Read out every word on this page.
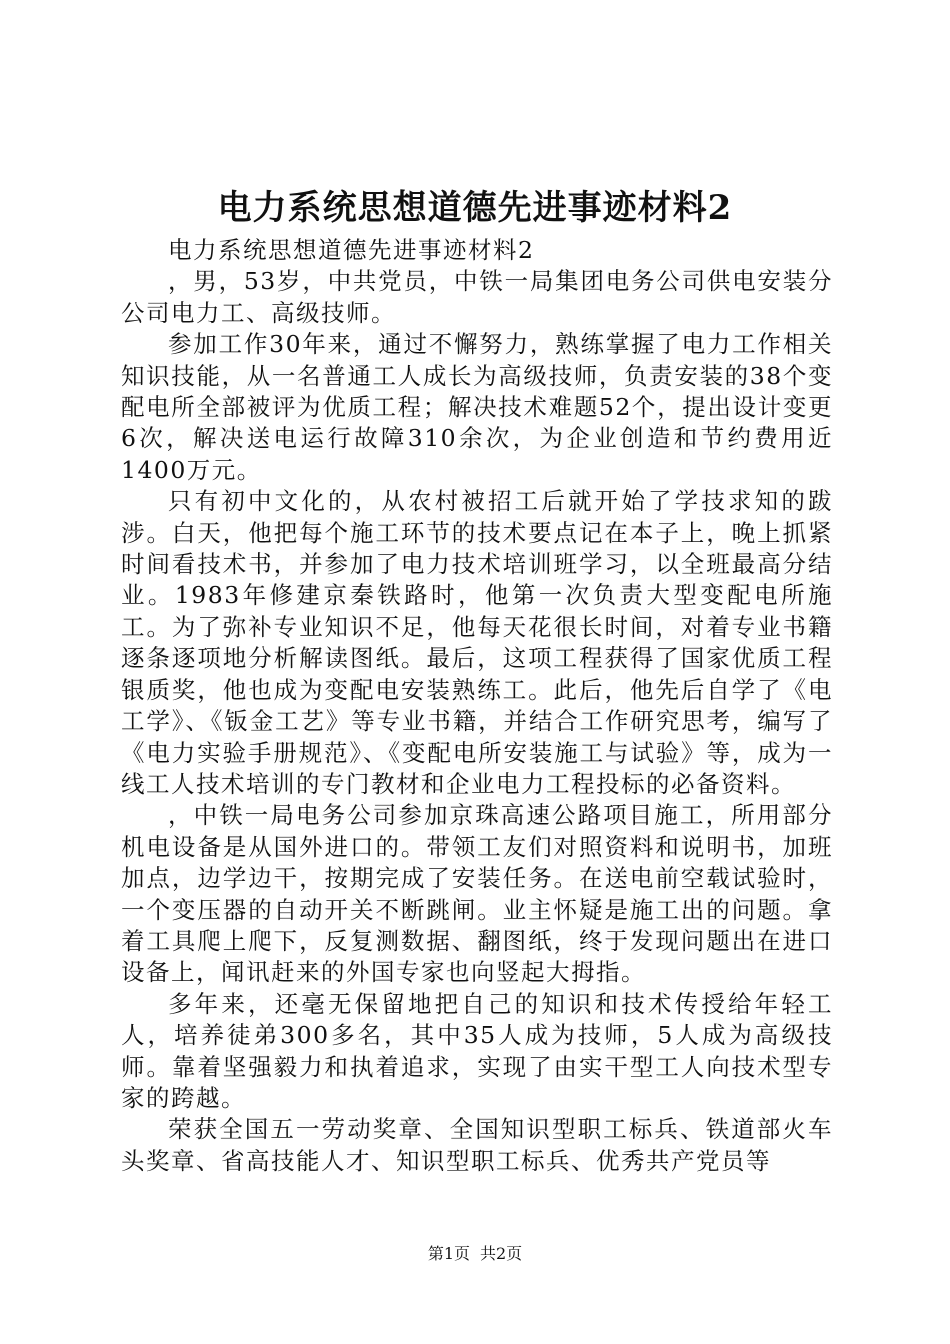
电力系统思想道德先进事迹材料2

电力系统思想道德先进事迹材料2

，男，53岁，中共党员，中铁一局集团电务公司供电安装分公司电力工、高级技师。

参加工作30年来，通过不懈努力，熟练掌握了电力工作相关知识技能，从一名普通工人成长为高级技师，负责安装的38个变配电所全部被评为优质工程；解决技术难题52个，提出设计变更6次，解决送电运行故障310余次，为企业创造和节约费用近1400万元。

只有初中文化的，从农村被招工后就开始了学技求知的跋涉。白天，他把每个施工环节的技术要点记在本子上，晚上抓紧时间看技术书，并参加了电力技术培训班学习，以全班最高分结业。1983年修建京秦铁路时，他第一次负责大型变配电所施工。为了弥补专业知识不足，他每天花很长时间，对着专业书籍逐条逐项地分析解读图纸。最后，这项工程获得了国家优质工程银质奖，他也成为变配电安装熟练工。此后，他先后自学了《电工学》、《钣金工艺》等专业书籍，并结合工作研究思考，编写了《电力实验手册规范》、《变配电所安装施工与试验》等，成为一线工人技术培训的专门教材和企业电力工程投标的必备资料。

，中铁一局电务公司参加京珠高速公路项目施工，所用部分机电设备是从国外进口的。带领工友们对照资料和说明书，加班加点，边学边干，按期完成了安装任务。在送电前空载试验时，一个变压器的自动开关不断跳闸。业主怀疑是施工出的问题。拿着工具爬上爬下，反复测数据、翻图纸，终于发现问题出在进口设备上，闻讯赶来的外国专家也向竖起大拇指。

多年来，还毫无保留地把自己的知识和技术传授给年轻工人，培养徒弟300多名，其中35人成为技师，5人成为高级技师。靠着坚强毅力和执着追求，实现了由实干型工人向技术型专家的跨越。

荣获全国五一劳动奖章、全国知识型职工标兵、铁道部火车头奖章、省高技能人才、知识型职工标兵、优秀共产党员等

第1页 共2页
